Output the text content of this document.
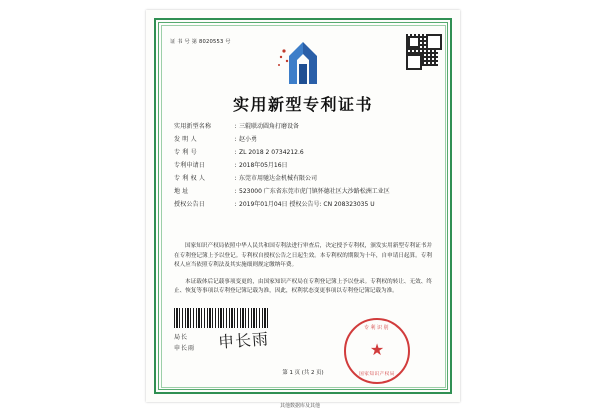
证 书 号 第 8020553 号
实用新型专利证书
实用新型名称	: 三辊联动圆角打磨设备
发 明 人	: 赵小勇
专 利 号	: ZL 2018 2 0734212.6
专利申请日	: 2018年05月16日
专 利 权 人	: 东莞市用驰达金机械有限公司
地 址	: 523000 广东省东莞市虎门镇怀德社区大沙路松洲工业区
授权公告日	: 2019年01月04日 授权公告号: CN 208323035 U

国家知识产权局依照中华人民共和国专利法进行审查后，决定授予专利权，颁发实用新型专利证书并在专利登记簿上予以登记。专利权自授权公告之日起生效。本专利权的期限为十年，自申请日起算。专利权人应当依照专利法及其实施细则规定缴纳年费。

本证载体后记载事项变更的，由国家知识产权局在专利登记簿上予以登录。专利权的转让、无效、终止、恢复等事项以专利登记簿记载为准，因此，权利状态变更事项以专利登记簿记载为准。

局长
申长雨 申长雨
专利识别
★
国家知识产权局
第 1 页 (共 2 页)
其他数据库及其他
